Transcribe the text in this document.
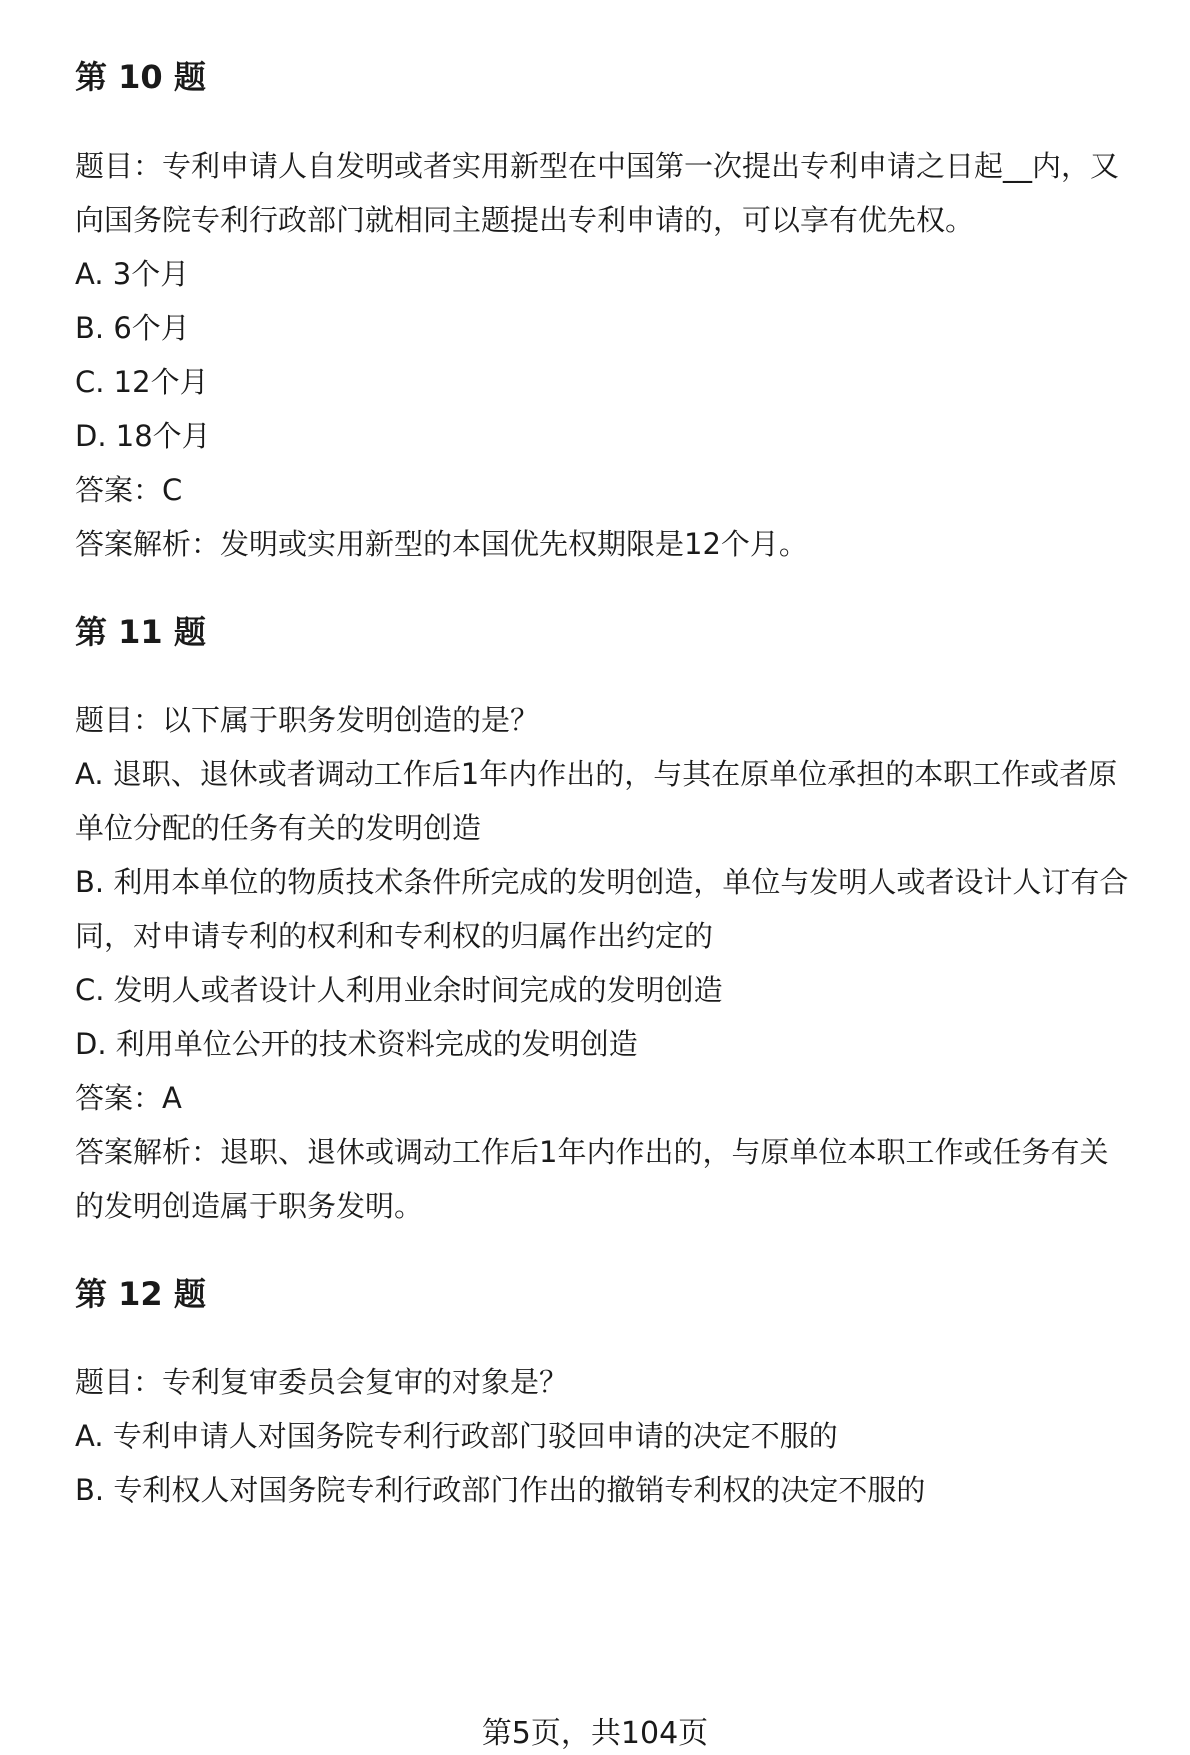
第 10 题
题目：专利申请人自发明或者实用新型在中国第一次提出专利申请之日起__内，又
向国务院专利行政部门就相同主题提出专利申请的，可以享有优先权。
A. 3个月
B. 6个月
C. 12个月
D. 18个月
答案：C
答案解析：发明或实用新型的本国优先权期限是12个月。
第 11 题
题目：以下属于职务发明创造的是？
A. 退职、退休或者调动工作后1年内作出的，与其在原单位承担的本职工作或者原
单位分配的任务有关的发明创造
B. 利用本单位的物质技术条件所完成的发明创造，单位与发明人或者设计人订有合
同，对申请专利的权利和专利权的归属作出约定的
C. 发明人或者设计人利用业余时间完成的发明创造
D. 利用单位公开的技术资料完成的发明创造
答案：A
答案解析：退职、退休或调动工作后1年内作出的，与原单位本职工作或任务有关
的发明创造属于职务发明。
第 12 题
题目：专利复审委员会复审的对象是？
A. 专利申请人对国务院专利行政部门驳回申请的决定不服的
B. 专利权人对国务院专利行政部门作出的撤销专利权的决定不服的
第5页，共104页
